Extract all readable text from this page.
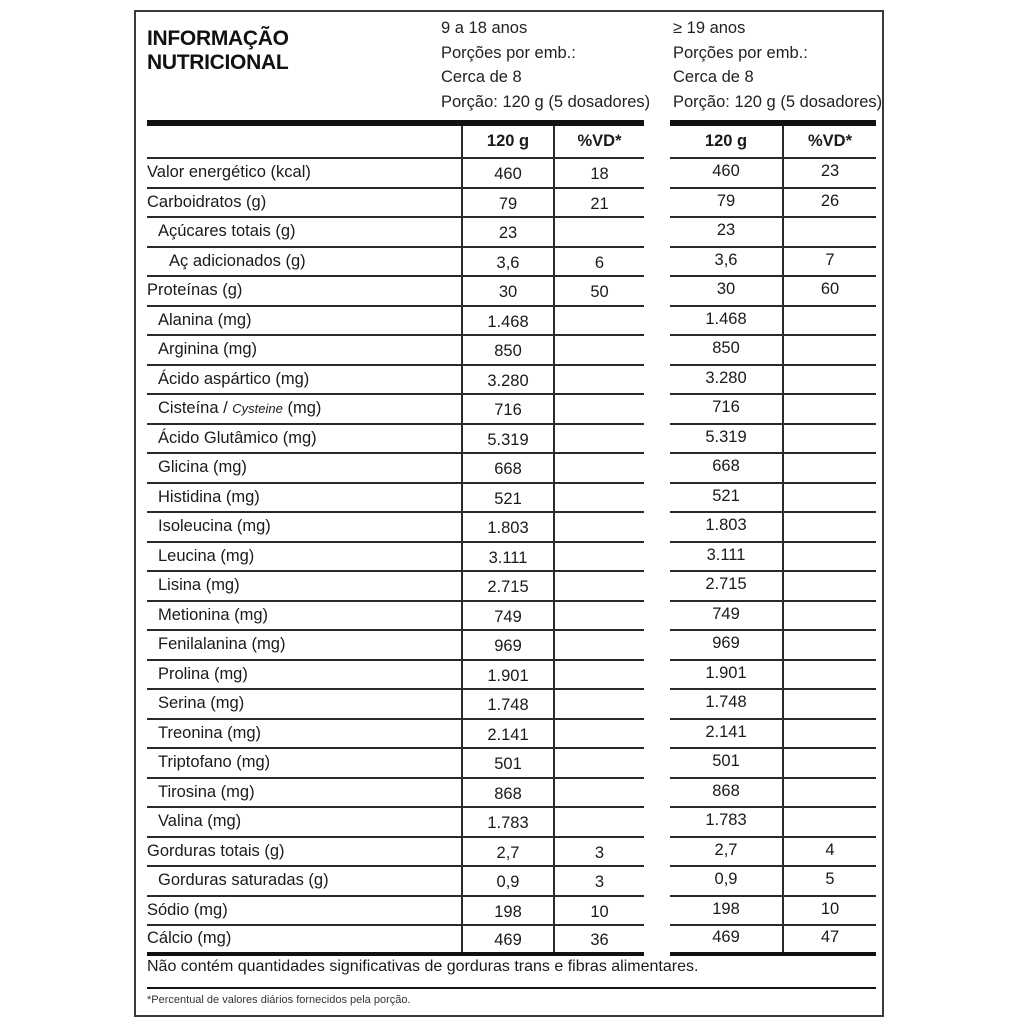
INFORMAÇÃO
NUTRICIONAL
9 a 18 anos
Porções por emb.:
Cerca de 8
Porção: 120 g (5 dosadores)
≥ 19 anos
Porções por emb.:
Cerca de 8
Porção: 120 g (5 dosadores)
120 g	%VD*
Valor energético (kcal)	460	18
Carboidratos (g)	79	21
Açúcares totais (g)	23
Aç adicionados (g)	3,6	6
Proteínas (g)	30	50
Alanina (mg)	1.468
Arginina (mg)	850
Ácido aspártico (mg)	3.280
Cisteína / Cysteine (mg)	716
Ácido Glutâmico (mg)	5.319
Glicina (mg)	668
Histidina (mg)	521
Isoleucina (mg)	1.803
Leucina (mg)	3.111
Lisina (mg)	2.715
Metionina (mg)	749
Fenilalanina (mg)	969
Prolina (mg)	1.901
Serina (mg)	1.748
Treonina (mg)	2.141
Triptofano (mg)	501
Tirosina (mg)	868
Valina (mg)	1.783
Gorduras totais (g)	2,7	3
Gorduras saturadas (g)	0,9	3
Sódio (mg)	198	10
Cálcio (mg)	469	36
120 g	%VD*
460	23
79	26
23
3,6	7
30	60
1.468
850
3.280
716
5.319
668
521
1.803
3.111
2.715
749
969
1.901
1.748
2.141
501
868
1.783
2,7	4
0,9	5
198	10
469	47
Não contém quantidades significativas de gorduras trans e fibras alimentares.
*Percentual de valores diários fornecidos pela porção.
